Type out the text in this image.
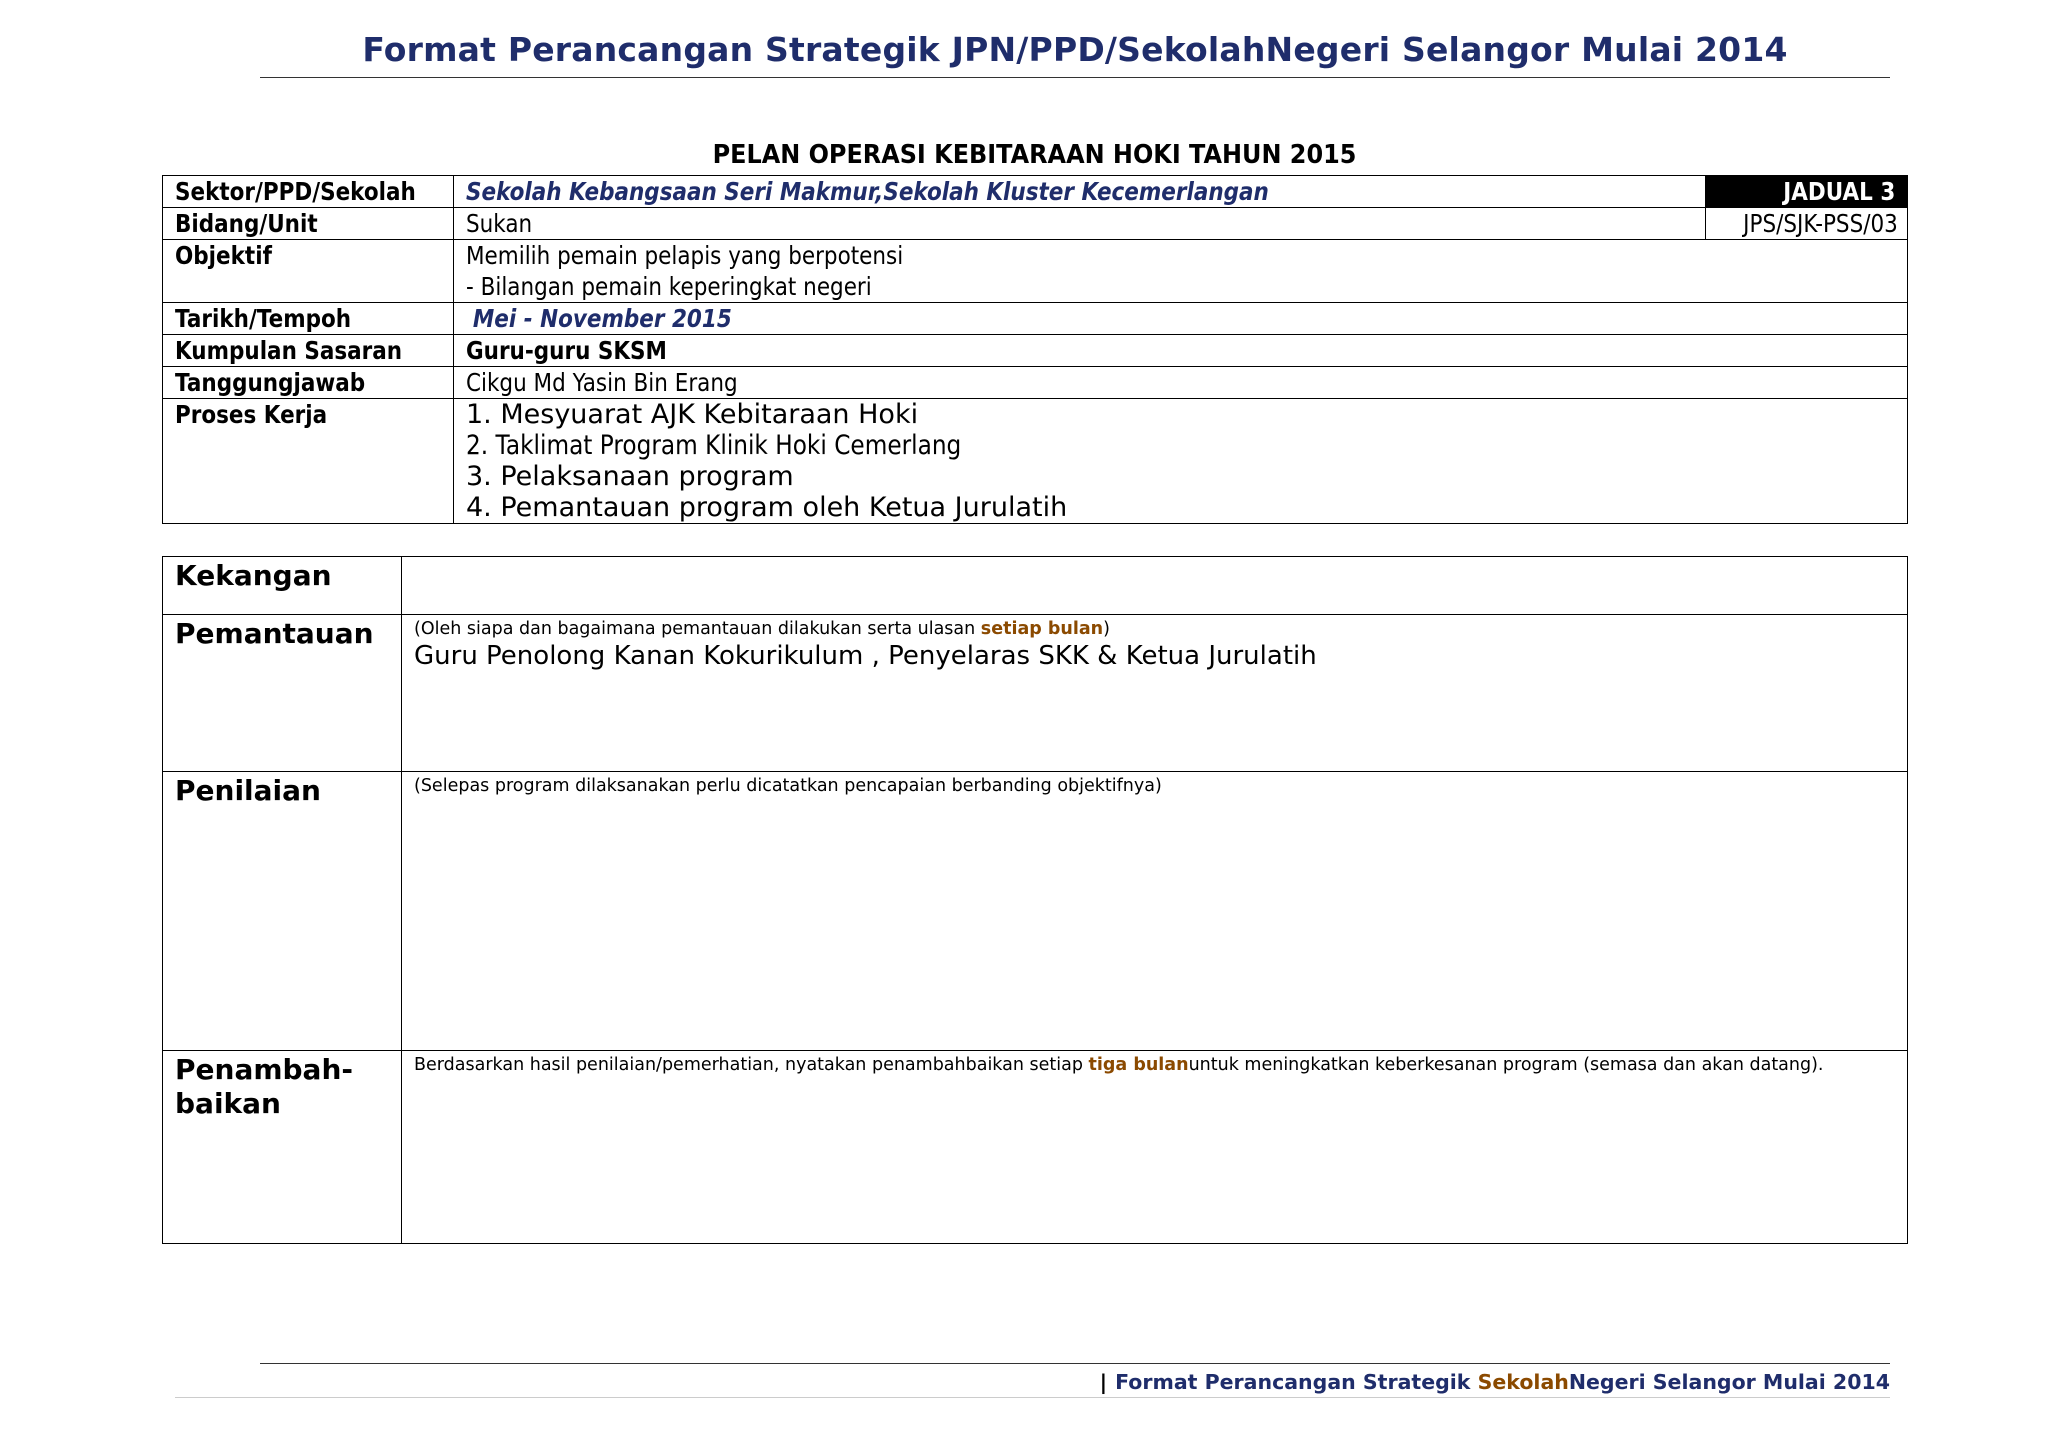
Format Perancangan Strategik JPN/PPD/SekolahNegeri Selangor Mulai 2014
PELAN OPERASI KEBITARAAN HOKI TAHUN 2015
Sektor/PPD/Sekolah	Sekolah Kebangsaan Seri Makmur,Sekolah Kluster Kecemerlangan	JADUAL 3
Bidang/Unit	Sukan	JPS/SJK-PSS/03
Objektif	Memilih pemain pelapis yang berpotensi
- Bilangan pemain keperingkat negeri	

Tarikh/Tempoh	Mei - November 2015	
Kumpulan Sasaran	Guru-guru SKSM	
Tanggungjawab	Cikgu Md Yasin Bin Erang	
Proses Kerja	1. Mesyuarat AJK Kebitaraan Hoki
2. Taklimat Program Klinik Hoki Cemerlang
3. Pelaksanaan program
4. Pemantauan program oleh Ketua Jurulatih	
Kekangan	
Pemantauan	(Oleh siapa dan bagaimana pemantauan dilakukan serta ulasan setiap bulan)
Guru Penolong Kanan Kokurikulum , Penyelaras SKK & Ketua Jurulatih

Penilaian	(Selepas program dilaksanakan perlu dicatatkan pencapaian berbanding objektifnya)

Penambah-
baikan	Berdasarkan hasil penilaian/pemerhatian, nyatakan penambahbaikan setiap tiga bulanuntuk meningkatkan keberkesanan program (semasa dan akan datang).
| Format Perancangan Strategik SekolahNegeri Selangor Mulai 2014
